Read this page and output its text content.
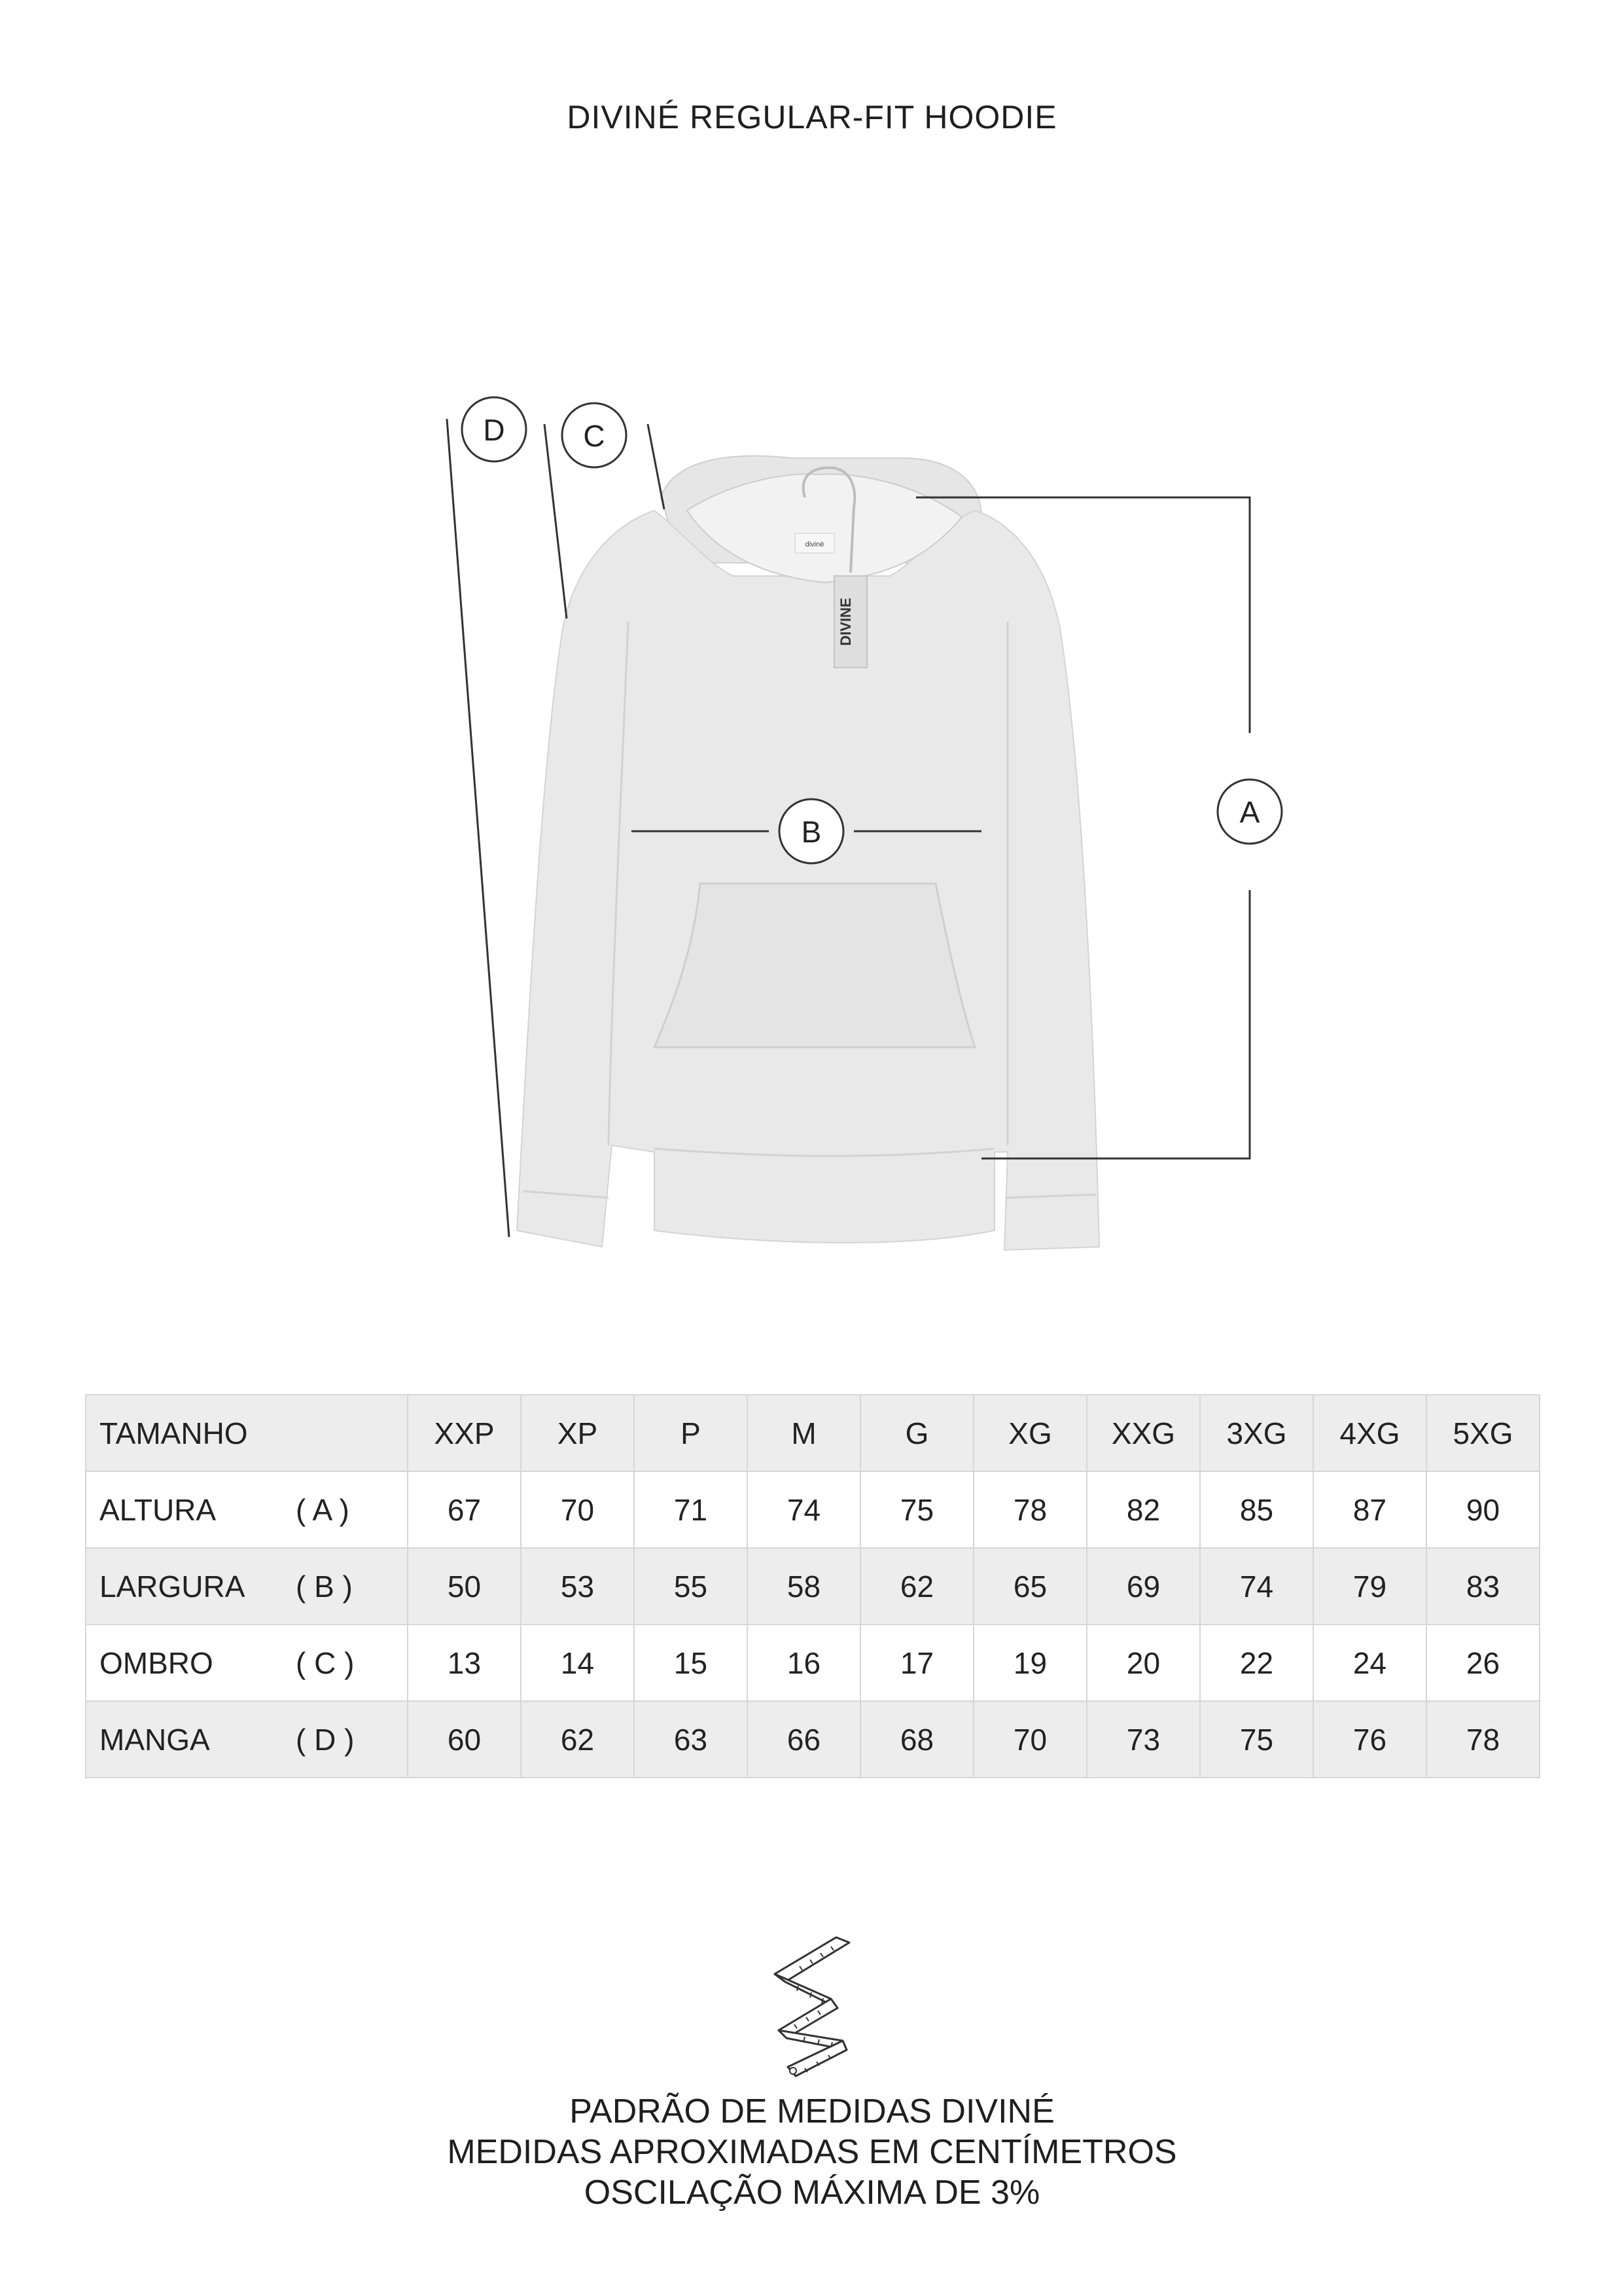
DIVINÉ REGULAR-FIT HOODIE
divinè
DIVINE
A
B
C
D
TAMANHO	XXP	XP	P	M	G	XG	XXG	3XG	4XG	5XG

ALTURA ( A )	67	70	71	74	75	78	82	85	87	90

LARGURA ( B )	50	53	55	58	62	65	69	74	79	83

OMBRO ( C )	13	14	15	16	17	19	20	22	24	26

MANGA ( D )	60	62	63	66	68	70	73	75	76	78
PADRÃO DE MEDIDAS DIVINÉ
MEDIDAS APROXIMADAS EM CENTÍMETROS
OSCILAÇÃO MÁXIMA DE 3%
